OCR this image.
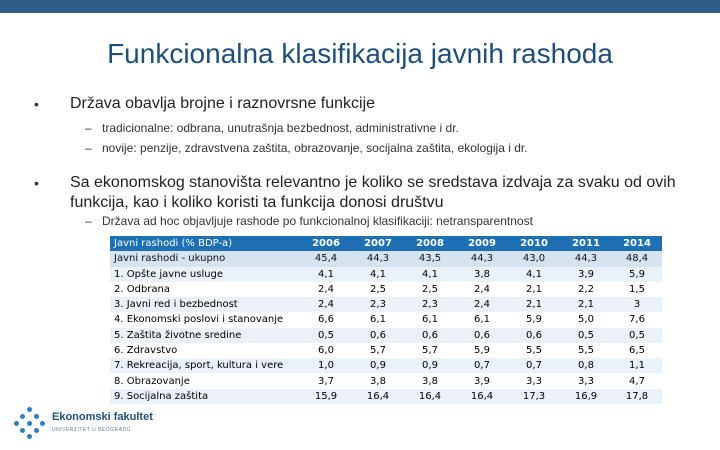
Funkcionalna klasifikacija javnih rashoda
• Država obavlja brojne i raznovrsne funkcije
– tradicionalne: odbrana, unutrašnja bezbednost, administrativne i dr.
– novije: penzije, zdravstvena zaštita, obrazovanje, socijalna zaštita, ekologija i dr.
• Sa ekonomskog stanovišta relevantno je koliko se sredstava izdvaja za svaku od ovih
funkcija, kao i koliko koristi ta funkcija donosi društvu
– Država ad hoc objavljuje rashode po funkcionalnoj klasifikaciji: netransparentnost
Javni rashodi (% BDP-a)	2006	2007	2008	2009	2010	2011	2014
Javni rashodi - ukupno	45,4	44,3	43,5	44,3	43,0	44,3	48,4
1. Opšte javne usluge	4,1	4,1	4,1	3,8	4,1	3,9	5,9
2. Odbrana	2,4	2,5	2,5	2,4	2,1	2,2	1,5
3. Javni red i bezbednost	2,4	2,3	2,3	2,4	2,1	2,1	3
4. Ekonomski poslovi i stanovanje	6,6	6,1	6,1	6,1	5,9	5,0	7,6
5. Zaštita životne sredine	0,5	0,6	0,6	0,6	0,6	0,5	0,5
6. Zdravstvo	6,0	5,7	5,7	5,9	5,5	5,5	6,5
7. Rekreacija, sport, kultura i vere	1,0	0,9	0,9	0,7	0,7	0,8	1,1
8. Obrazovanje	3,7	3,8	3,8	3,9	3,3	3,3	4,7
9. Socijalna zaštita	15,9	16,4	16,4	16,4	17,3	16,9	17,8
Ekonomski fakultet
UNIVERZITET U BEOGRADU
